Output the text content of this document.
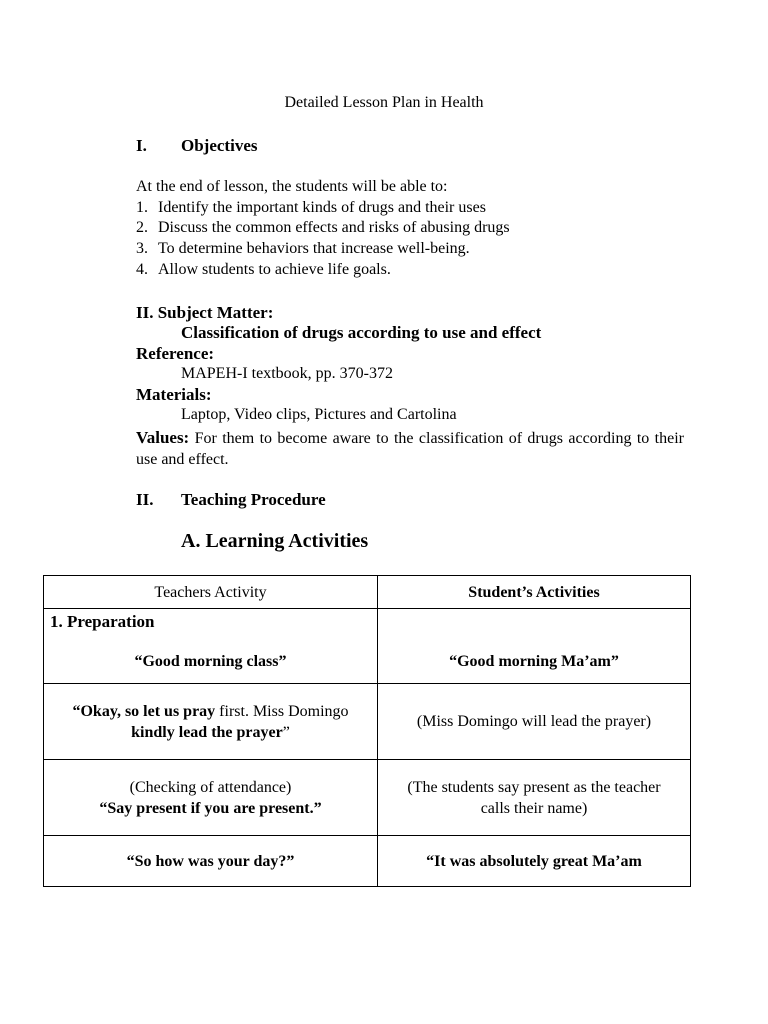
Detailed Lesson Plan in Health
I. Objectives
At the end of lesson, the students will be able to:
1. Identify the important kinds of drugs and their uses
2. Discuss the common effects and risks of abusing drugs
3. To determine behaviors that increase well-being.
4. Allow students to achieve life goals.
II. Subject Matter:
Classification of drugs according to use and effect
Reference:
MAPEH-I textbook, pp. 370-372
Materials:
Laptop, Video clips, Pictures and Cartolina
Values: For them to become aware to the classification of drugs according to their use and effect.
II. Teaching Procedure
A. Learning Activities
Teachers Activity	Student’s Activities

1. Preparation
“Good morning class”	“Good morning Ma’am”

“Okay, so let us pray first. Miss Domingo
kindly lead the prayer”	(Miss Domingo will lead the prayer)
(Checking of attendance)
“Say present if you are present.”	(The students say present as the teacher
calls their name)
“So how was your day?”	“It was absolutely great Ma’am
